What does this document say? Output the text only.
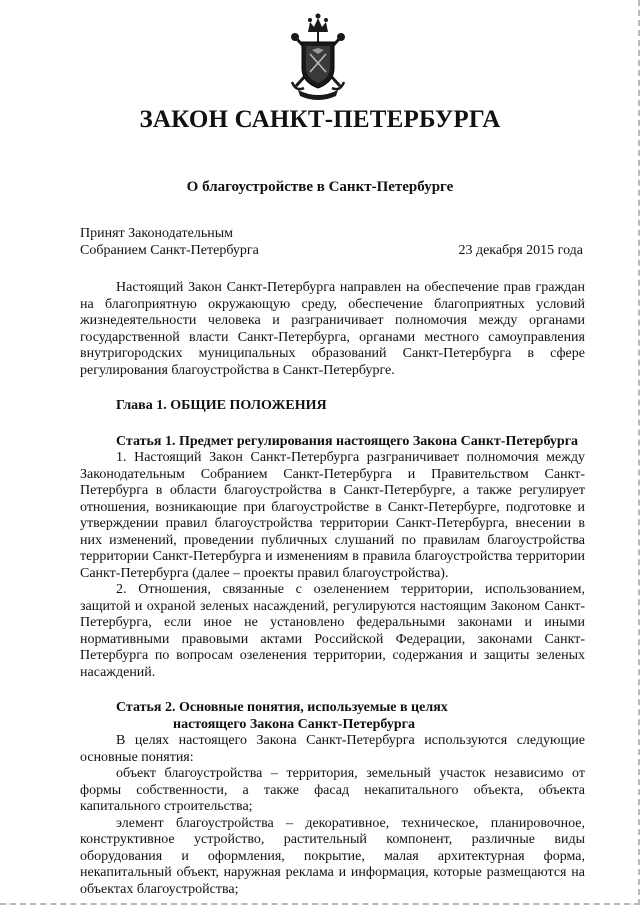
ЗАКОН САНКТ-ПЕТЕРБУРГА
О благоустройстве в Санкт-Петербурге
Принят Законодательным
Собранием Санкт-Петербурга	23 декабря 2015 года

Настоящий Закон Санкт-Петербурга направлен на обеспечение прав граждан на благоприятную окружающую среду, обеспечение благоприятных условий жизнедеятельности человека и разграничивает полномочия между органами государственной власти Санкт-Петербурга, органами местного самоуправления внутригородских муниципальных образований Санкт-Петербурга в сфере регулирования благоустройства в Санкт-Петербурге.

Глава 1. ОБЩИЕ ПОЛОЖЕНИЯ

Статья 1. Предмет регулирования настоящего Закона Санкт-Петербурга

1. Настоящий Закон Санкт-Петербурга разграничивает полномочия между Законодательным Собранием Санкт-Петербурга и Правительством Санкт-Петербурга в области благоустройства в Санкт-Петербурге, а также регулирует отношения, возникающие при благоустройстве в Санкт-Петербурге, подготовке и утверждении правил благоустройства территории Санкт-Петербурга, внесении в них изменений, проведении публичных слушаний по правилам благоустройства территории Санкт-Петербурга и изменениям в правила благоустройства территории Санкт-Петербурга (далее – проекты правил благоустройства).

2. Отношения, связанные с озеленением территории, использованием, защитой и охраной зеленых насаждений, регулируются настоящим Законом Санкт-Петербурга, если иное не установлено федеральными законами и иными нормативными правовыми актами Российской Федерации, законами Санкт-Петербурга по вопросам озеленения территории, содержания и защиты зеленых насаждений.

Статья 2. Основные понятия, используемые в целях

настоящего Закона Санкт-Петербурга

В целях настоящего Закона Санкт-Петербурга используются следующие основные понятия:

объект благоустройства – территория, земельный участок независимо от формы собственности, а также фасад некапитального объекта, объекта капитального строительства;

элемент благоустройства – декоративное, техническое, планировочное, конструктивное устройство, растительный компонент, различные виды оборудования и оформления, покрытие, малая архитектурная форма, некапитальный объект, наружная реклама и информация, которые размещаются на объектах благоустройства;
